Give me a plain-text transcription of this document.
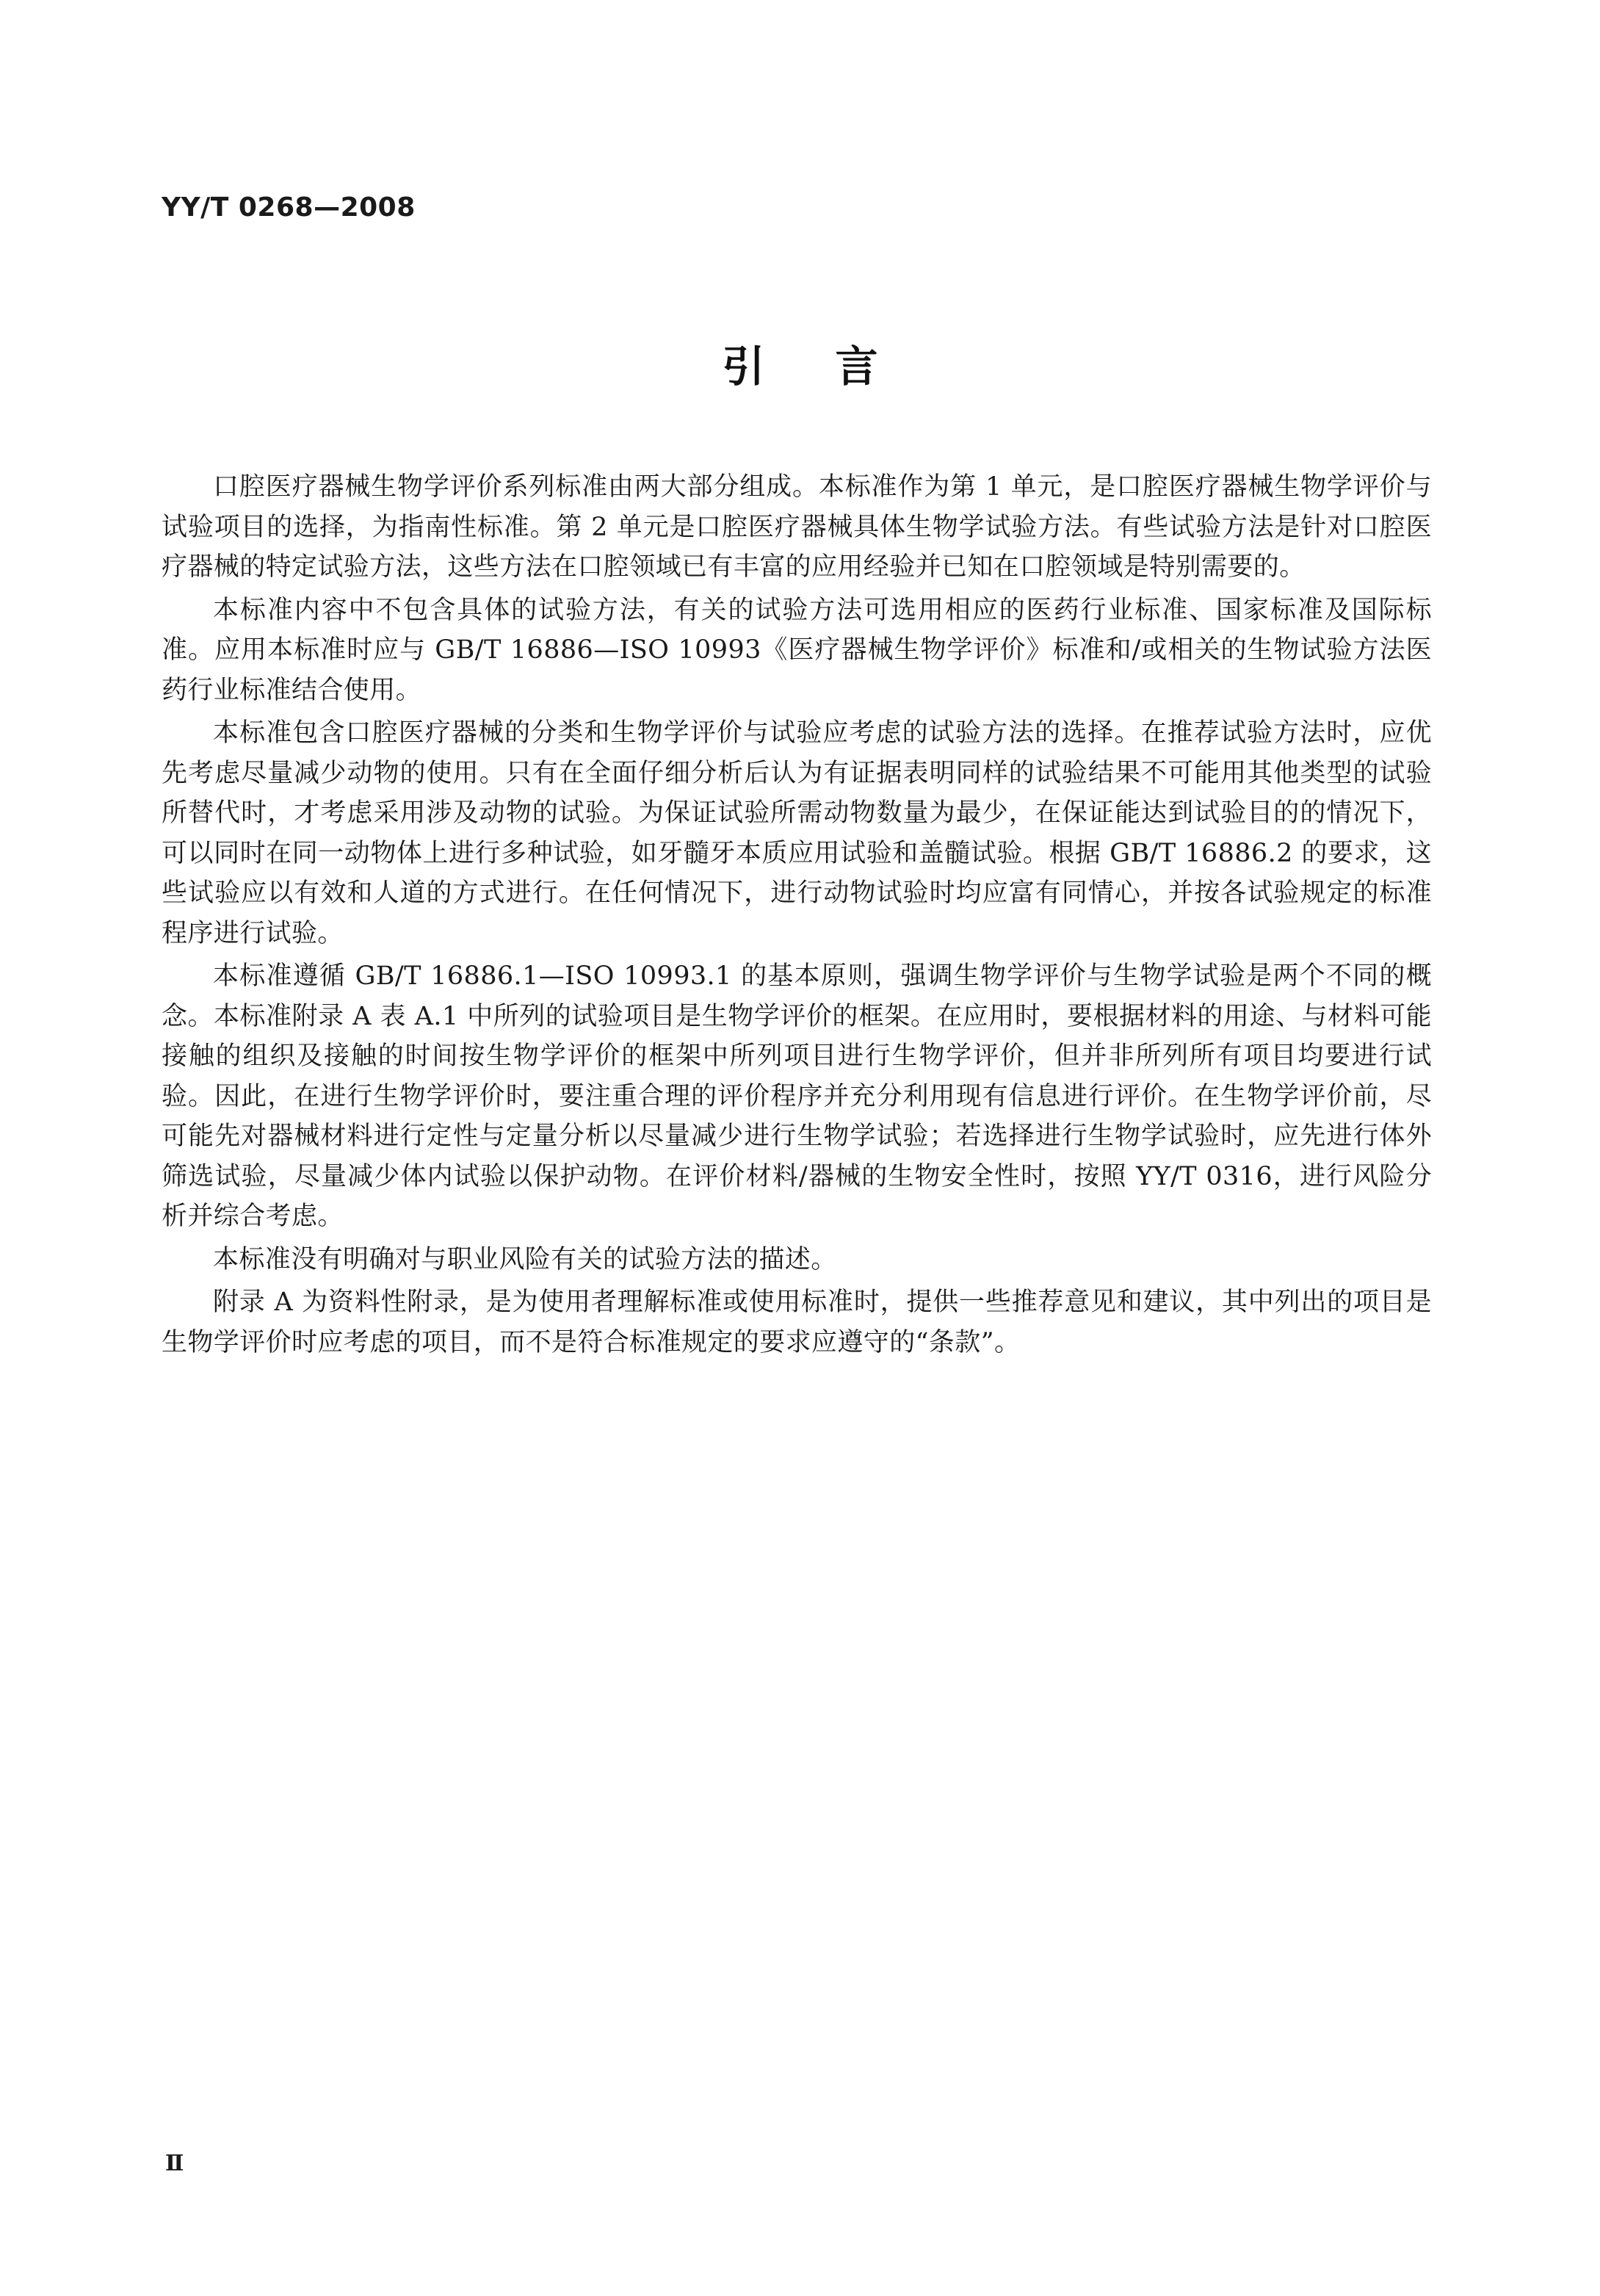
YY/T 0268—2008
引言

口腔医疗器械生物学评价系列标准由两大部分组成。本标准作为第 1 单元，是口腔医疗器械生物学评价与试验项目的选择，为指南性标准。第 2 单元是口腔医疗器械具体生物学试验方法。有些试验方法是针对口腔医疗器械的特定试验方法，这些方法在口腔领域已有丰富的应用经验并已知在口腔领域是特别需要的。

本标准内容中不包含具体的试验方法，有关的试验方法可选用相应的医药行业标准、国家标准及国际标准。应用本标准时应与 GB/T 16886—ISO 10993《医疗器械生物学评价》标准和/或相关的生物试验方法医药行业标准结合使用。

本标准包含口腔医疗器械的分类和生物学评价与试验应考虑的试验方法的选择。在推荐试验方法时，应优先考虑尽量减少动物的使用。只有在全面仔细分析后认为有证据表明同样的试验结果不可能用其他类型的试验所替代时，才考虑采用涉及动物的试验。为保证试验所需动物数量为最少，在保证能达到试验目的的情况下，可以同时在同一动物体上进行多种试验，如牙髓牙本质应用试验和盖髓试验。根据 GB/T 16886.2 的要求，这些试验应以有效和人道的方式进行。在任何情况下，进行动物试验时均应富有同情心，并按各试验规定的标准程序进行试验。

本标准遵循 GB/T 16886.1—ISO 10993.1 的基本原则，强调生物学评价与生物学试验是两个不同的概念。本标准附录 A 表 A.1 中所列的试验项目是生物学评价的框架。在应用时，要根据材料的用途、与材料可能接触的组织及接触的时间按生物学评价的框架中所列项目进行生物学评价，但并非所列所有项目均要进行试验。因此，在进行生物学评价时，要注重合理的评价程序并充分利用现有信息进行评价。在生物学评价前，尽可能先对器械材料进行定性与定量分析以尽量减少进行生物学试验；若选择进行生物学试验时，应先进行体外筛选试验，尽量减少体内试验以保护动物。在评价材料/器械的生物安全性时，按照 YY/T 0316，进行风险分析并综合考虑。

本标准没有明确对与职业风险有关的试验方法的描述。

附录 A 为资料性附录，是为使用者理解标准或使用标准时，提供一些推荐意见和建议，其中列出的项目是生物学评价时应考虑的项目，而不是符合标准规定的要求应遵守的“条款”。

Ⅱ
